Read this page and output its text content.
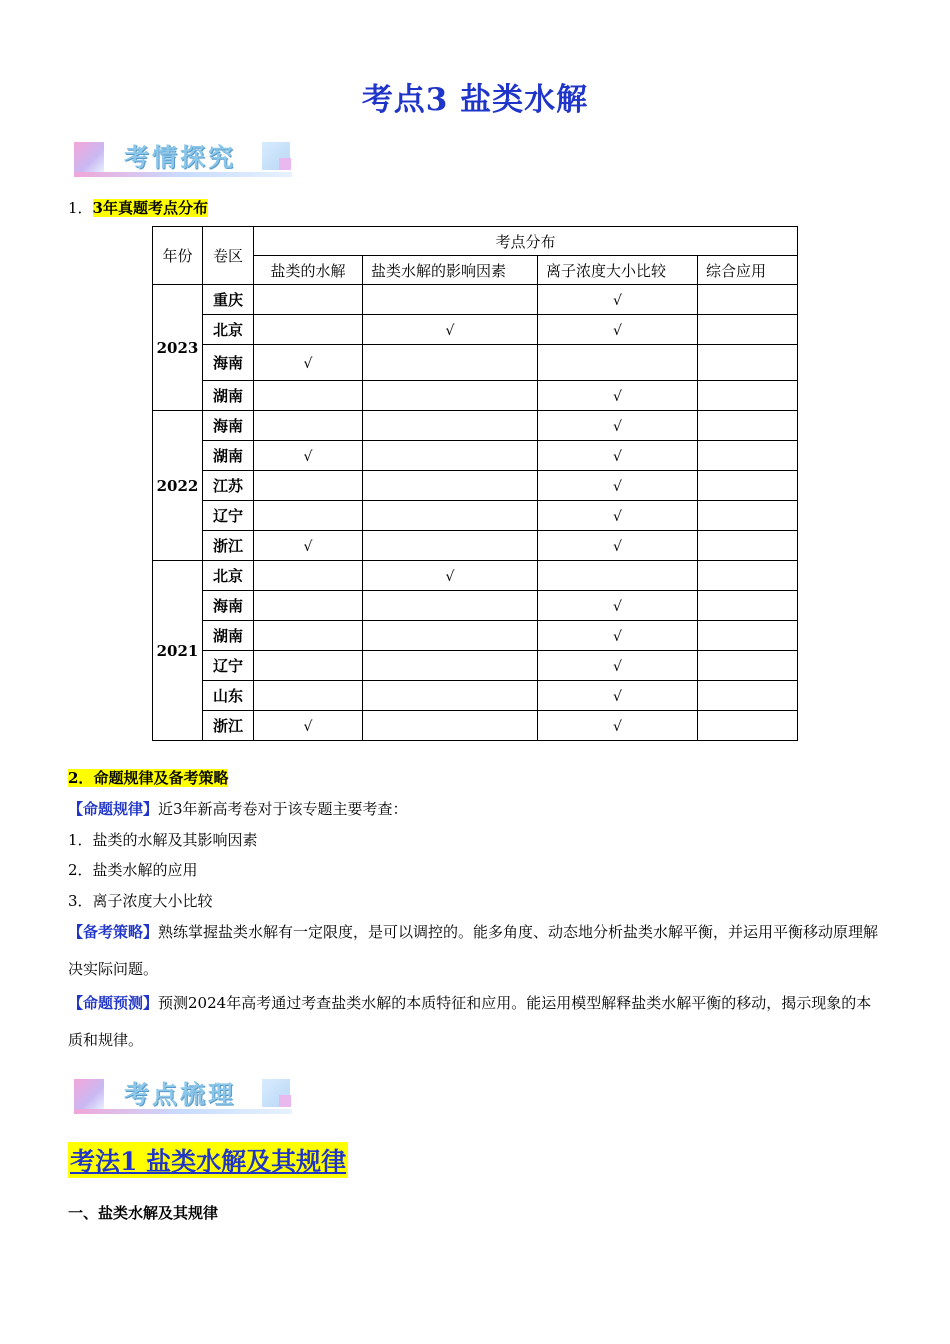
考点3 盐类水解
考情探究
1．3年真题考点分布
年份	卷区	考点分布			
		盐类的水解	盐类水解的影响因素	离子浓度大小比较	综合应用
2023	重庆			√	
	北京		√	√	
	海南	√			
	湖南			√	
2022	海南			√	
	湖南	√		√	
	江苏			√	
	辽宁			√	
	浙江	√		√	
2021	北京		√		
	海南			√	
	湖南			√	
	辽宁			√	
	山东			√	
	浙江	√		√	
2．命题规律及备考策略
【命题规律】近3年新高考卷对于该专题主要考查：
1．盐类的水解及其影响因素
2．盐类水解的应用
3．离子浓度大小比较
【备考策略】熟练掌握盐类水解有一定限度，是可以调控的。能多角度、动态地分析盐类水解平衡，并运用平衡移动原理解决实际问题。
【命题预测】预测2024年高考通过考查盐类水解的本质特征和应用。能运用模型解释盐类水解平衡的移动，揭示现象的本质和规律。
考点梳理
考法1 盐类水解及其规律
一、盐类水解及其规律
